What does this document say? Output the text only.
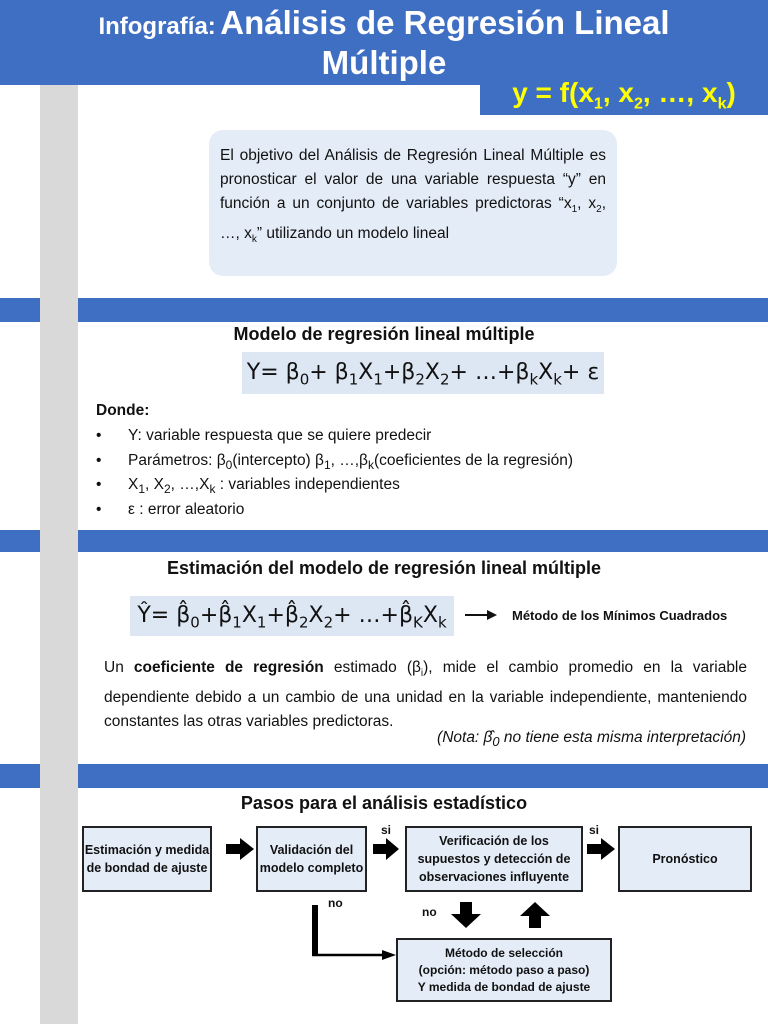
Infografía: Análisis de Regresión Lineal
Múltiple
$y = f(x_1$, $x_2$, …, $x_k$)
El objetivo del Análisis de Regresión Lineal Múltiple es pronosticar el valor de una variable respuesta “y” en función a un conjunto de variables predictoras “$x_1$, $x_2$, …, $x_k$” utilizando un modelo lineal
Modelo de regresión lineal múltiple
$Y= \beta_0+ \beta_1X_1+\beta_2X_2+$ $\dots+\beta_kX_k+ \varepsilon$
Donde:
• Y: variable respuesta que se quiere predecir
• Parámetros: $\beta_0(intercepto)$ $\beta_1$, $\dots,\beta_k(coeficientes$ de la regresión)
• $X_1$, $X_2$, $\dots,X_k$ : variables independientes
• ε : error aleatorio
Estimación del modelo de regresión lineal múltiple
Ŷ= $\betâ_0+\betâ_1X_1+\betâ_2X_2+$ $\dots+\betâ_KX_k$	Método de los Mínimos Cuadrados
Un coeficiente de regresión estimado $(\beta_i)$, mide el cambio promedio en la variable dependiente debido a un cambio de una unidad en la variable independiente, manteniendo constantes las otras variables predictoras.
(Nota: $\betâ_0$ no tiene esta misma interpretación)
Pasos para el análisis estadístico
Estimación y medida de bondad de ajuste
Validación del modelo completo
Verificación de los supuestos y detección de observaciones influyente
Pronóstico
Método de selección
(opción: método paso a paso)
Y medida de bondad de ajuste
si	si
no
no
